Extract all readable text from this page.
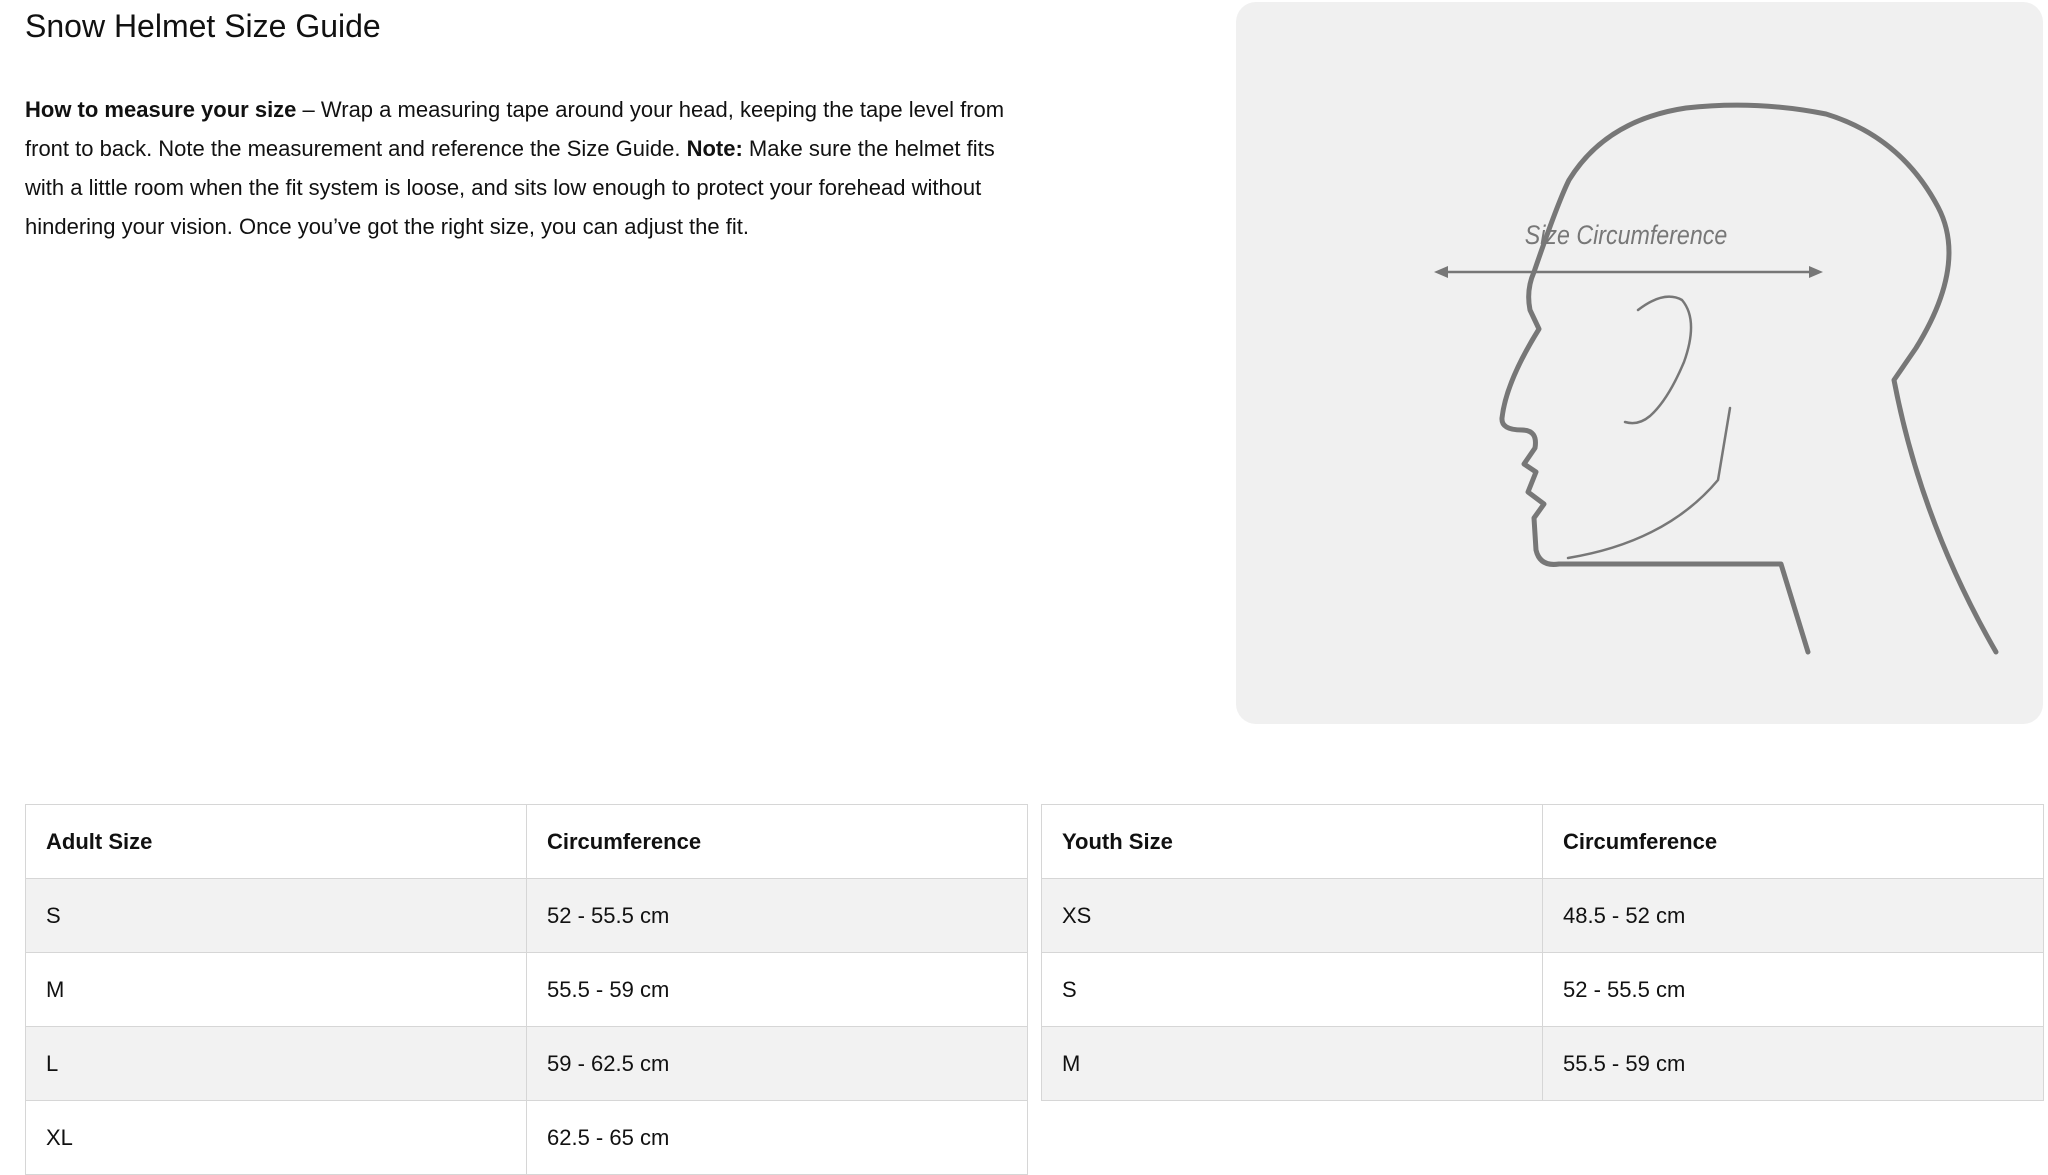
Snow Helmet Size Guide

How to measure your size – Wrap a measuring tape around your head, keeping the tape level from front to back. Note the measurement and reference the Size Guide. Note: Make sure the helmet fits with a little room when the fit system is loose, and sits low enough to protect your forehead without hindering your vision. Once you’ve got the right size, you can adjust the fit.	Size Circumference
Adult Size	Circumference
S	52 - 55.5 cm
M	55.5 - 59 cm
L	59 - 62.5 cm
XL	62.5 - 65 cm
Youth Size	Circumference
XS	48.5 - 52 cm
S	52 - 55.5 cm
M	55.5 - 59 cm
